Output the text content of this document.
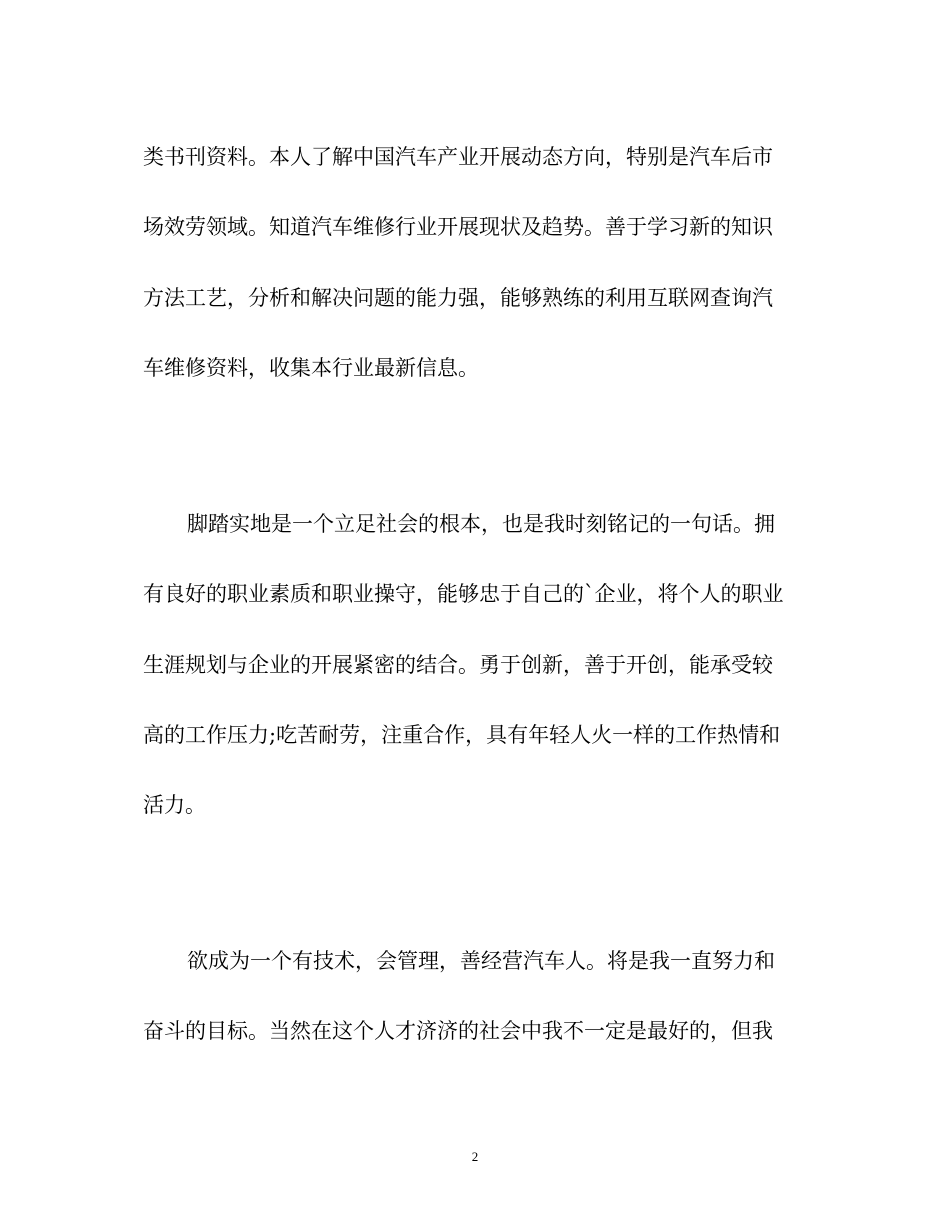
类书刊资料。本人了解中国汽车产业开展动态方向，特别是汽车后市
场效劳领域。知道汽车维修行业开展现状及趋势。善于学习新的知识
方法工艺，分析和解决问题的能力强，能够熟练的利用互联网查询汽
车维修资料，收集本行业最新信息。
脚踏实地是一个立足社会的根本，也是我时刻铭记的一句话。拥
有良好的职业素质和职业操守，能够忠于自己的`企业，将个人的职业
生涯规划与企业的开展紧密的结合。勇于创新，善于开创，能承受较
高的工作压力;吃苦耐劳，注重合作，具有年轻人火一样的工作热情和
活力。
欲成为一个有技术，会管理，善经营汽车人。将是我一直努力和
奋斗的目标。当然在这个人才济济的社会中我不一定是最好的，但我
2
